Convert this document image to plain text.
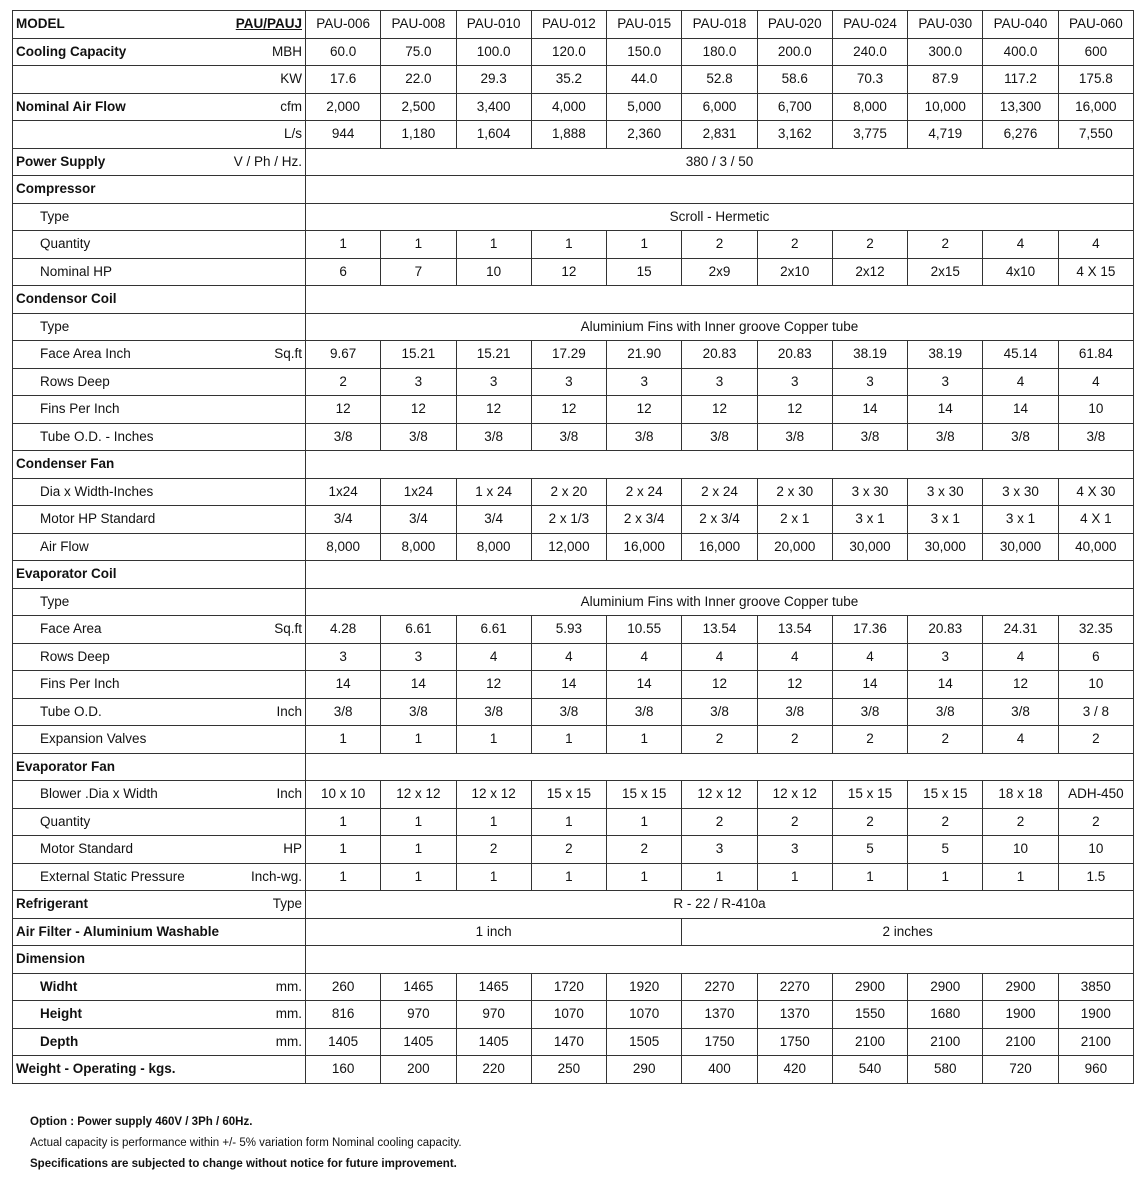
MODEL PAU/PAUJ	PAU-006	PAU-008	PAU-010	PAU-012	PAU-015	PAU-018	PAU-020	PAU-024	PAU-030	PAU-040	PAU-060

Cooling Capacity MBH	60.0	75.0	100.0	120.0	150.0	180.0	200.0	240.0	300.0	400.0	600

KW	17.6	22.0	29.3	35.2	44.0	52.8	58.6	70.3	87.9	117.2	175.8

Nominal Air Flow cfm	2,000	2,500	3,400	4,000	5,000	6,000	6,700	8,000	10,000	13,300	16,000

L/s	944	1,180	1,604	1,888	2,360	2,831	3,162	3,775	4,719	6,276	7,550

Power Supply V / Ph / Hz.	380 / 3 / 50										

Compressor											

Type	Scroll - Hermetic										

Quantity	1	1	1	1	1	2	2	2	2	4	4

Nominal HP	6	7	10	12	15	2x9	2x10	2x12	2x15	4x10	4 X 15

Condensor Coil											

Type	Aluminium Fins with Inner groove Copper tube										

Face Area Inch Sq.ft	9.67	15.21	15.21	17.29	21.90	20.83	20.83	38.19	38.19	45.14	61.84

Rows Deep	2	3	3	3	3	3	3	3	3	4	4

Fins Per Inch	12	12	12	12	12	12	12	14	14	14	10

Tube O.D. - Inches	3/8	3/8	3/8	3/8	3/8	3/8	3/8	3/8	3/8	3/8	3/8

Condenser Fan											

Dia x Width-Inches	1x24	1x24	1 x 24	2 x 20	2 x 24	2 x 24	2 x 30	3 x 30	3 x 30	3 x 30	4 X 30

Motor HP Standard	3/4	3/4	3/4	2 x 1/3	2 x 3/4	2 x 3/4	2 x 1	3 x 1	3 x 1	3 x 1	4 X 1

Air Flow	8,000	8,000	8,000	12,000	16,000	16,000	20,000	30,000	30,000	30,000	40,000

Evaporator Coil											

Type	Aluminium Fins with Inner groove Copper tube										

Face Area Sq.ft	4.28	6.61	6.61	5.93	10.55	13.54	13.54	17.36	20.83	24.31	32.35

Rows Deep	3	3	4	4	4	4	4	4	3	4	6

Fins Per Inch	14	14	12	14	14	12	12	14	14	12	10

Tube O.D. Inch	3/8	3/8	3/8	3/8	3/8	3/8	3/8	3/8	3/8	3/8	3 / 8

Expansion Valves	1	1	1	1	1	2	2	2	2	4	2

Evaporator Fan											

Blower .Dia x Width Inch	10 x 10	12 x 12	12 x 12	15 x 15	15 x 15	12 x 12	12 x 12	15 x 15	15 x 15	18 x 18	ADH-450

Quantity	1	1	1	1	1	2	2	2	2	2	2

Motor Standard HP	1	1	2	2	2	3	3	5	5	10	10

External Static Pressure Inch-wg.	1	1	1	1	1	1	1	1	1	1	1.5

Refrigerant Type	R - 22 / R-410a										

Air Filter - Aluminium Washable	1 inch					2 inches					

Dimension											

Widht mm.	260	1465	1465	1720	1920	2270	2270	2900	2900	2900	3850

Height mm.	816	970	970	1070	1070	1370	1370	1550	1680	1900	1900

Depth mm.	1405	1405	1405	1470	1505	1750	1750	2100	2100	2100	2100

Weight - Operating - kgs.	160	200	220	250	290	400	420	540	580	720	960
Option : Power supply 460V / 3Ph / 60Hz.
Actual capacity is performance within +/- 5% variation form Nominal cooling capacity.
Specifications are subjected to change without notice for future improvement.
